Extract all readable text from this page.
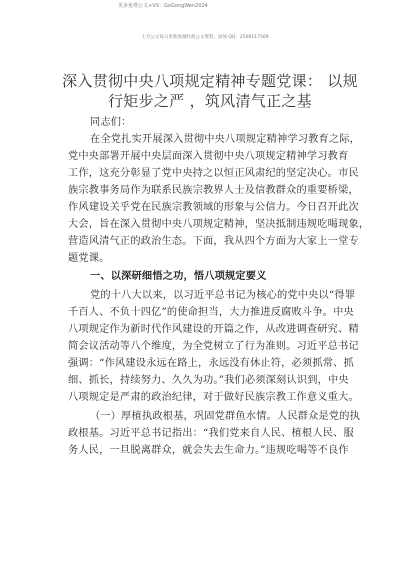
更多免费公文+VX：GoGongWen2024
七号公文每日更新海量时政公文资料，添加 QQ：2500117569
深入贯彻中央八项规定精神专题党课： 以规
行矩步之严 ，筑风清气正之基
同志们：
在全党扎实开展深入贯彻中央八项规定精神学习教育之际，
党中央部署开展中央层面深入贯彻中央八项规定精神学习教育
工作，这充分彰显了党中央持之以恒正风肃纪的坚定决心。市民
族宗教事务局作为联系民族宗教界人士及信教群众的重要桥梁，
作风建设关乎党在民族宗教领域的形象与公信力。今日召开此次
大会，旨在深入贯彻中央八项规定精神，坚决抵制违规吃喝现象，
营造风清气正的政治生态。下面，我从四个方面为大家上一堂专
题党课。
一、以深研细悟之功，悟八项规定要义
党的十八大以来，以习近平总书记为核心的党中央以“得罪
千百人、不负十四亿”的使命担当，大力推进反腐败斗争。中央
八项规定作为新时代作风建设的开篇之作，从改进调查研究、精
简会议活动等八个维度，为全党树立了行为准则。习近平总书记
强调：“作风建设永远在路上，永远没有休止符，必须抓常、抓
细、抓长，持续努力、久久为功。”我们必须深刻认识到，中央
八项规定是严肃的政治纪律，对于做好民族宗教工作意义重大。
（一）厚植执政根基，巩固党群鱼水情。人民群众是党的执
政根基。习近平总书记指出：“我们党来自人民、植根人民、服
务人民，一旦脱离群众，就会失去生命力。”违规吃喝等不良作
